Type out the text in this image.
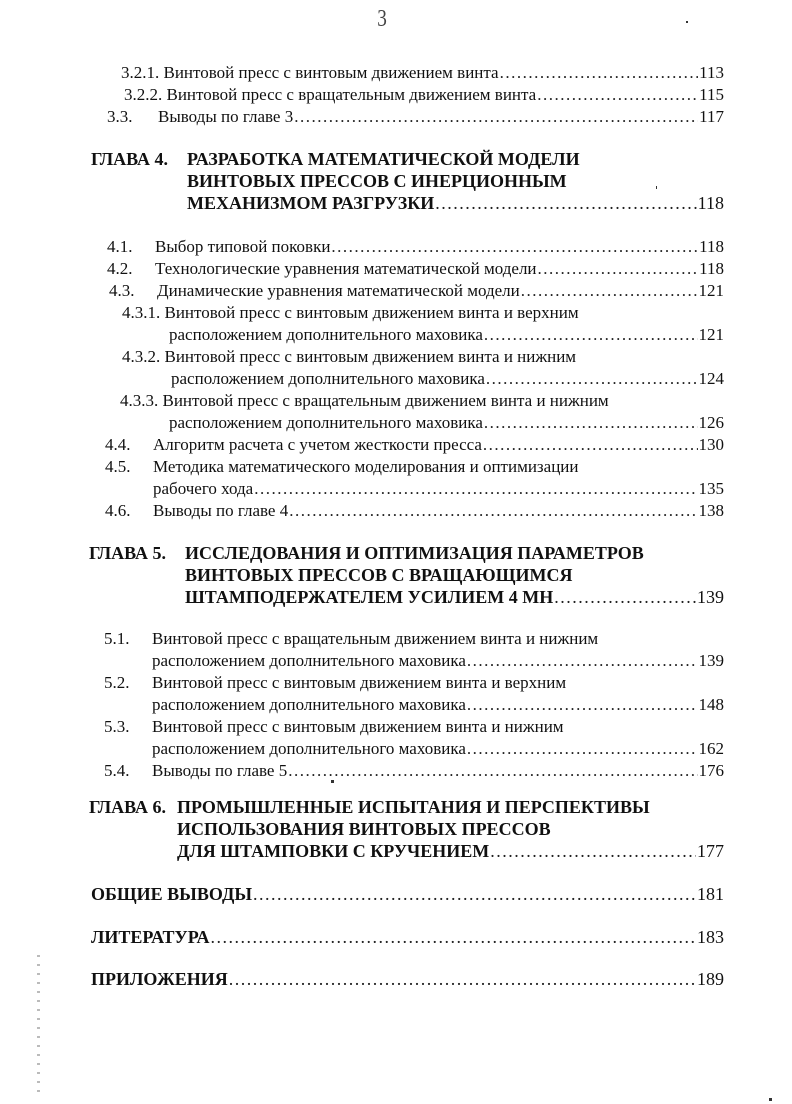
3
3.2.1.
Винтовой пресс с винтовым движением винта .....	113
3.2.2.
Винтовой пресс с вращательным движением винта .....	115
3.3.	Выводы по главе 3 .....	117
ГЛАВА 4.	РАЗРАБОТКА МАТЕМАТИЧЕСКОЙ МОДЕЛИ
ВИНТОВЫХ ПРЕССОВ С ИНЕРЦИОННЫМ
МЕХАНИЗМОМ РАЗГРУЗКИ .....	118
4.1.	Выбор типовой поковки .....	118
4.2.	Технологические уравнения математической модели .....	118
4.3.	Динамические уравнения математической модели .....	121
4.3.1.
Винтовой пресс с винтовым движением винта и верхним
расположением дополнительного маховика .....	121
4.3.2.
Винтовой пресс с винтовым движением винта и нижним
расположением дополнительного маховика .....	124
4.3.3.
Винтовой пресс с вращательным движением винта и нижним
расположением дополнительного маховика .....	126
4.4.	Алгоритм расчета с учетом жесткости пресса .....	130
4.5.	Методика математического моделирования и оптимизации
рабочего хода .....	135
4.6.	Выводы по главе 4 .....	138
ГЛАВА 5.	ИССЛЕДОВАНИЯ И ОПТИМИЗАЦИЯ ПАРАМЕТРОВ
ВИНТОВЫХ ПРЕССОВ С ВРАЩАЮЩИМСЯ
ШТАМПОДЕРЖАТЕЛЕМ УСИЛИЕМ 4 МН .....	139
5.1.	Винтовой пресс с вращательным движением винта и нижним
расположением дополнительного маховика .....	139
5.2.	Винтовой пресс с винтовым движением винта и верхним
расположением дополнительного маховика .....	148
5.3.	Винтовой пресс с винтовым движением винта и нижним
расположением дополнительного маховика .....	162
5.4.	Выводы по главе 5 .....	176
ГЛАВА 6. ПРОМЫШЛЕННЫЕ ИСПЫТАНИЯ И ПЕРСПЕКТИВЫ
ИСПОЛЬЗОВАНИЯ ВИНТОВЫХ ПРЕССОВ
ДЛЯ ШТАМПОВКИ С КРУЧЕНИЕМ .....	177
ОБЩИЕ ВЫВОДЫ .....	181
ЛИТЕРАТУРА .....	183
ПРИЛОЖЕНИЯ .....	189
